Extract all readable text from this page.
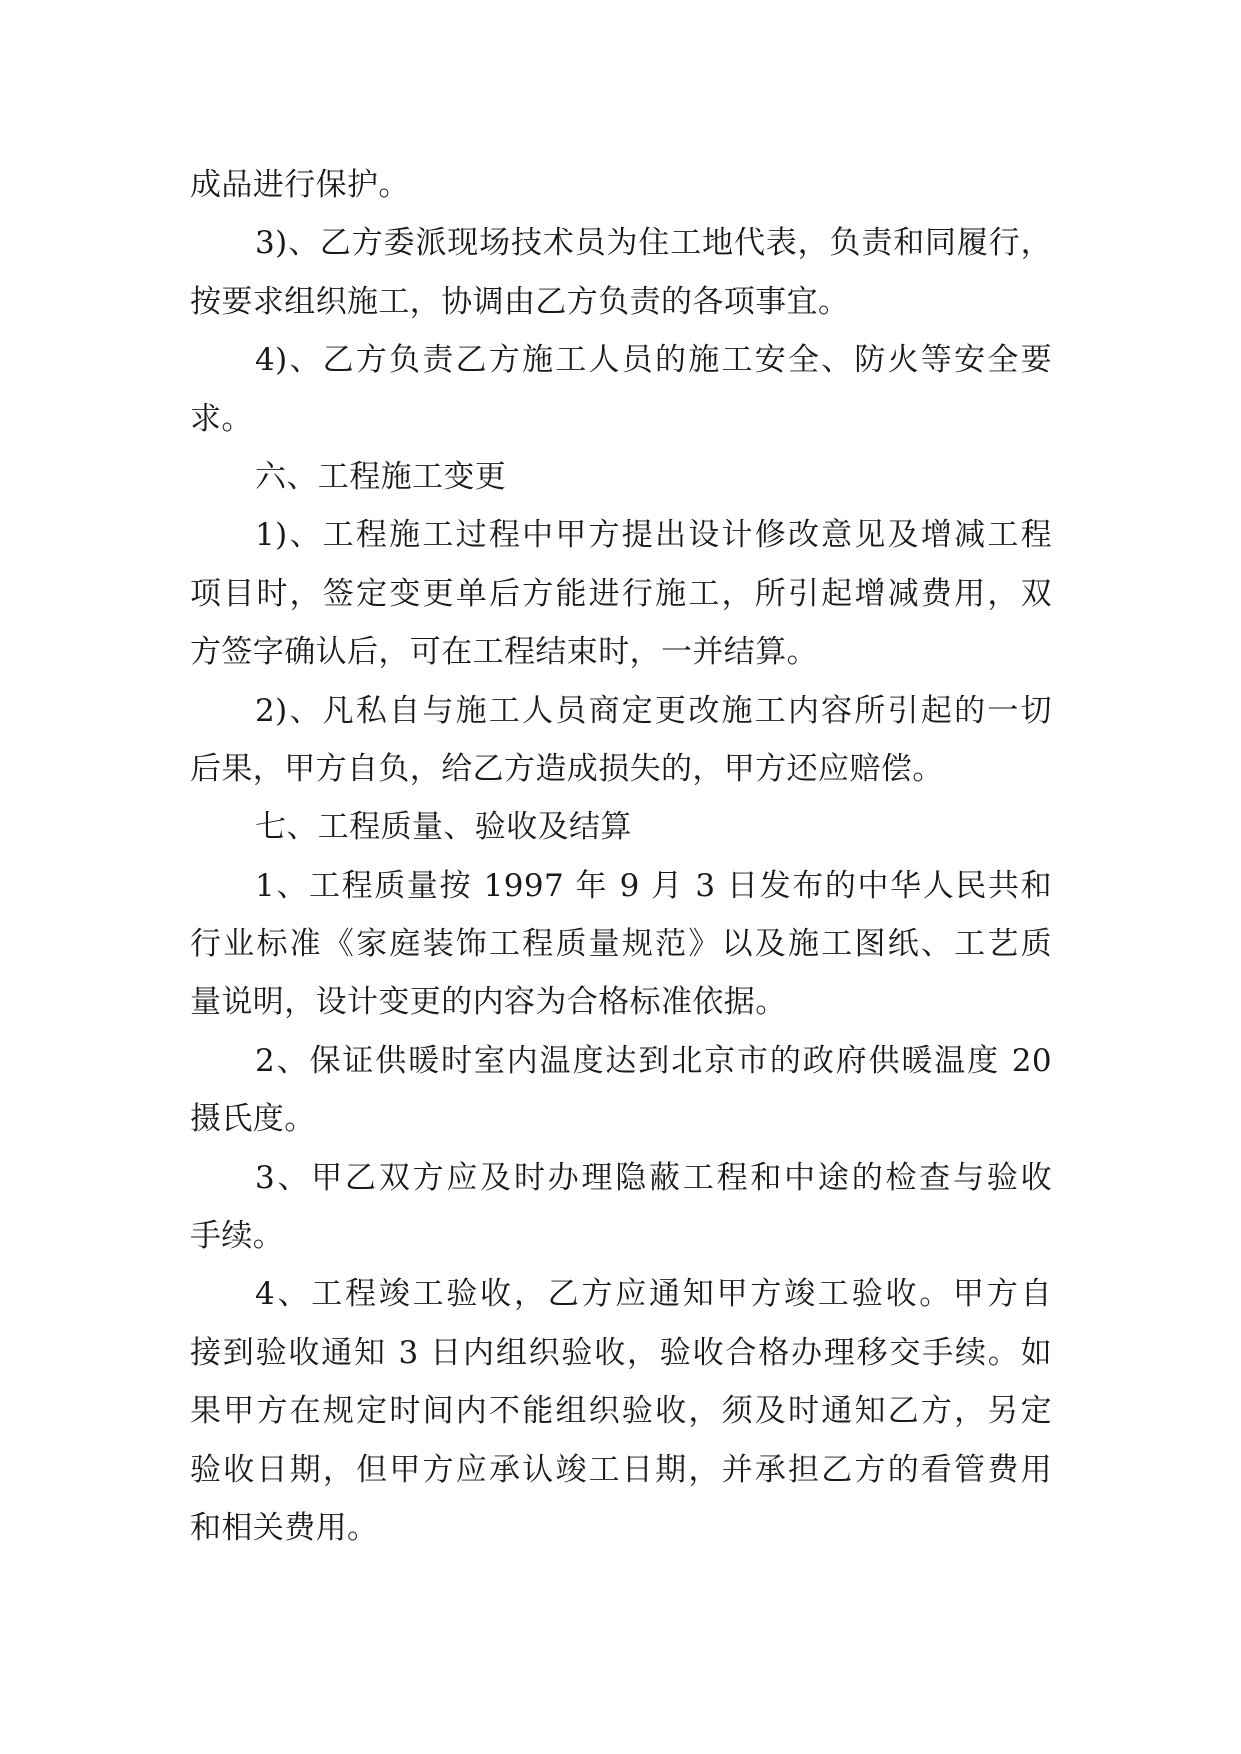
成品进行保护。
3)、乙方委派现场技术员为住工地代表，负责和同履行，
按要求组织施工，协调由乙方负责的各项事宜。
4)、乙方负责乙方施工人员的施工安全、防火等安全要
求。
六、工程施工变更
1)、工程施工过程中甲方提出设计修改意见及增减工程
项目时，签定变更单后方能进行施工，所引起增减费用，双
方签字确认后，可在工程结束时，一并结算。
2)、凡私自与施工人员商定更改施工内容所引起的一切
后果，甲方自负，给乙方造成损失的，甲方还应赔偿。
七、工程质量、验收及结算
1、工程质量按 1997 年 9 月 3 日发布的中华人民共和
行业标准《家庭装饰工程质量规范》以及施工图纸、工艺质
量说明，设计变更的内容为合格标准依据。
2、保证供暖时室内温度达到北京市的政府供暖温度 20
摄氏度。
3、甲乙双方应及时办理隐蔽工程和中途的检查与验收
手续。
4、工程竣工验收，乙方应通知甲方竣工验收。甲方自
接到验收通知 3 日内组织验收，验收合格办理移交手续。如
果甲方在规定时间内不能组织验收，须及时通知乙方，另定
验收日期，但甲方应承认竣工日期，并承担乙方的看管费用
和相关费用。
